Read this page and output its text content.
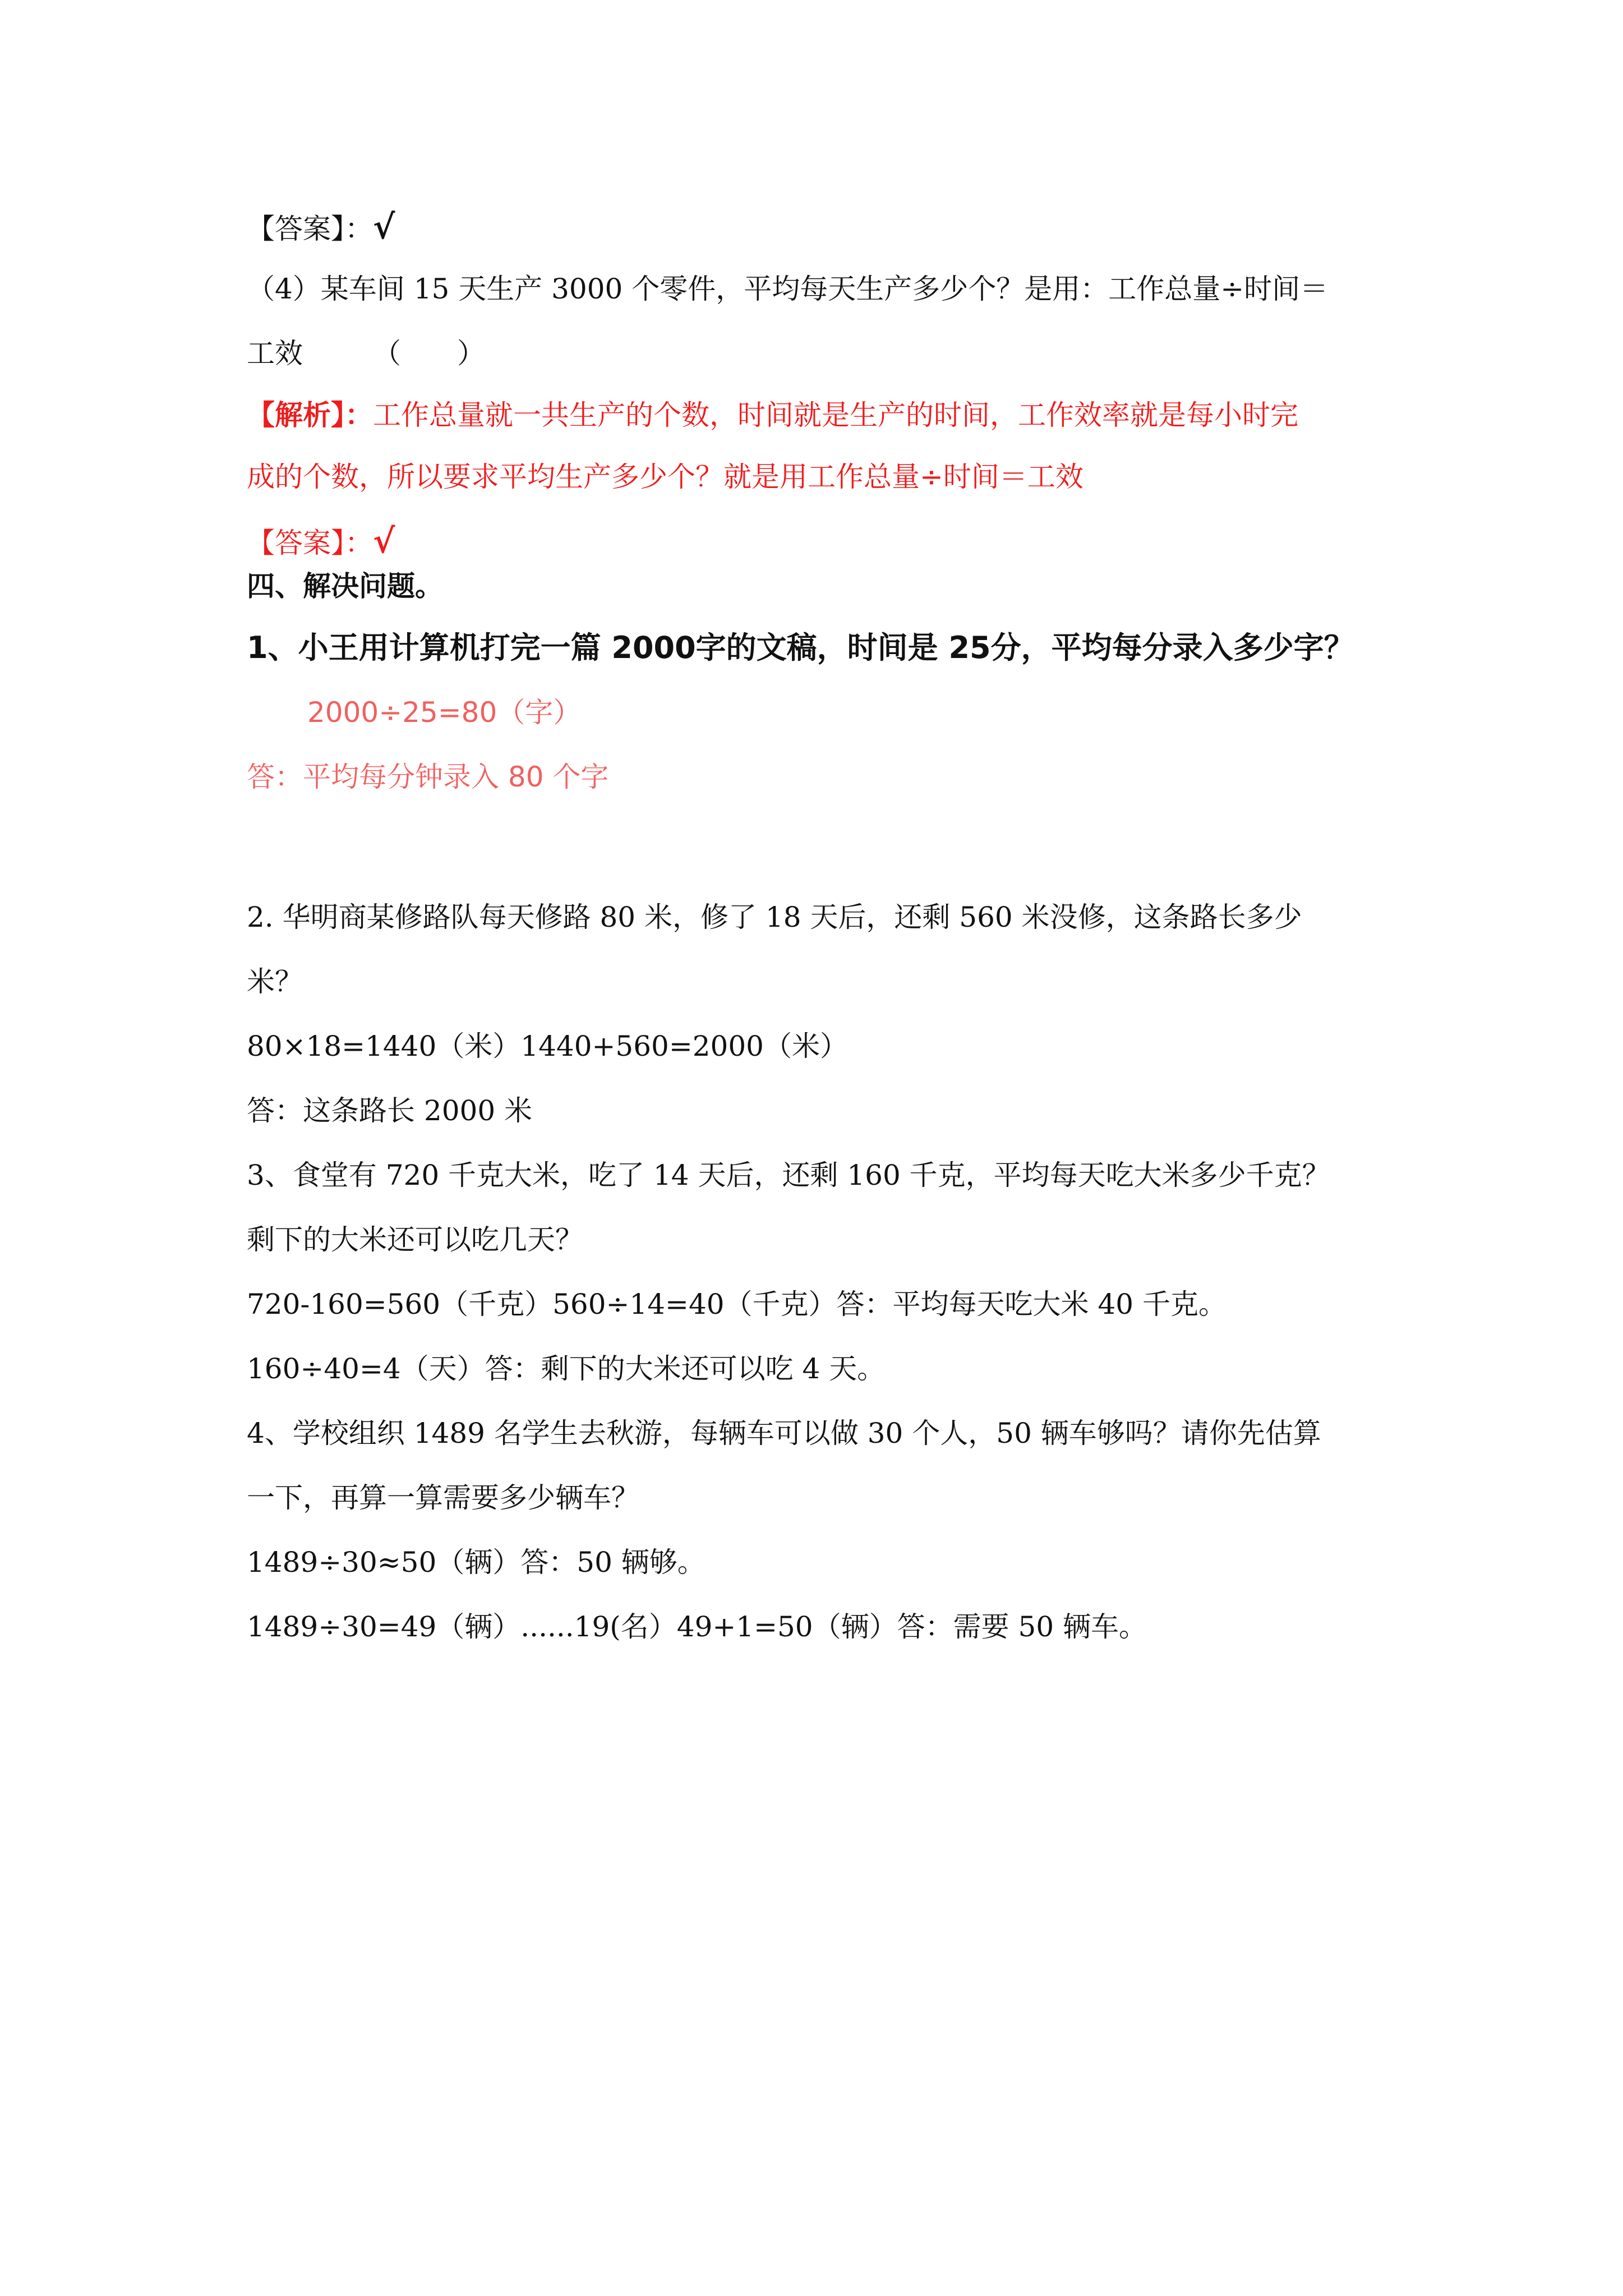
【答案】：√
（4）某车间 15 天生产 3000 个零件，平均每天生产多少个？是用：工作总量÷时间＝
工效　　　（　　）
【解析】：工作总量就一共生产的个数，时间就是生产的时间，工作效率就是每小时完
成的个数，所以要求平均生产多少个？就是用工作总量÷时间＝工效
【答案】：√
四、解决问题。
1、小王用计算机打完一篇 2000字的文稿，时间是 25分，平均每分录入多少字？
2000÷25=80（字）
答：平均每分钟录入 80 个字
2. 华明商某修路队每天修路 80 米，修了 18 天后，还剩 560 米没修，这条路长多少
米？
80×18=1440（米）1440+560=2000（米）
答：这条路长 2000 米
3、食堂有 720 千克大米，吃了 14 天后，还剩 160 千克，平均每天吃大米多少千克？
剩下的大米还可以吃几天？
720-160=560（千克）560÷14=40（千克）答：平均每天吃大米 40 千克。
160÷40=4（天）答：剩下的大米还可以吃 4 天。
4、学校组织 1489 名学生去秋游，每辆车可以做 30 个人，50 辆车够吗？请你先估算
一下，再算一算需要多少辆车？
1489÷30≈50（辆）答：50 辆够。
1489÷30=49（辆）......19(名）49+1=50（辆）答：需要 50 辆车。
